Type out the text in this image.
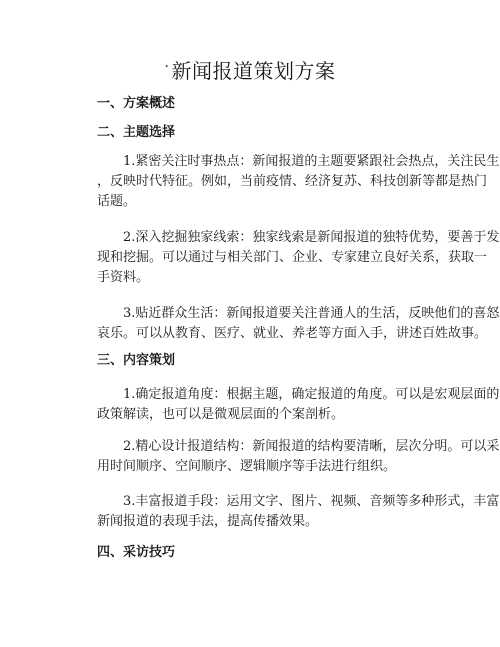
· 新闻报道策划方案
一、方案概述
二、主题选择
1.紧密关注时事热点：新闻报道的主题要紧跟社会热点，关注民生
，反映时代特征。例如，当前疫情、经济复苏、科技创新等都是热门
话题。
2.深入挖掘独家线索：独家线索是新闻报道的独特优势，要善于发
现和挖掘。可以通过与相关部门、企业、专家建立良好关系，获取一
手资料。
3.贴近群众生活：新闻报道要关注普通人的生活，反映他们的喜怒
哀乐。可以从教育、医疗、就业、养老等方面入手，讲述百姓故事。
三、内容策划
1.确定报道角度：根据主题，确定报道的角度。可以是宏观层面的
政策解读，也可以是微观层面的个案剖析。
2.精心设计报道结构：新闻报道的结构要清晰，层次分明。可以采
用时间顺序、空间顺序、逻辑顺序等手法进行组织。
3.丰富报道手段：运用文字、图片、视频、音频等多种形式，丰富
新闻报道的表现手法，提高传播效果。
四、采访技巧
